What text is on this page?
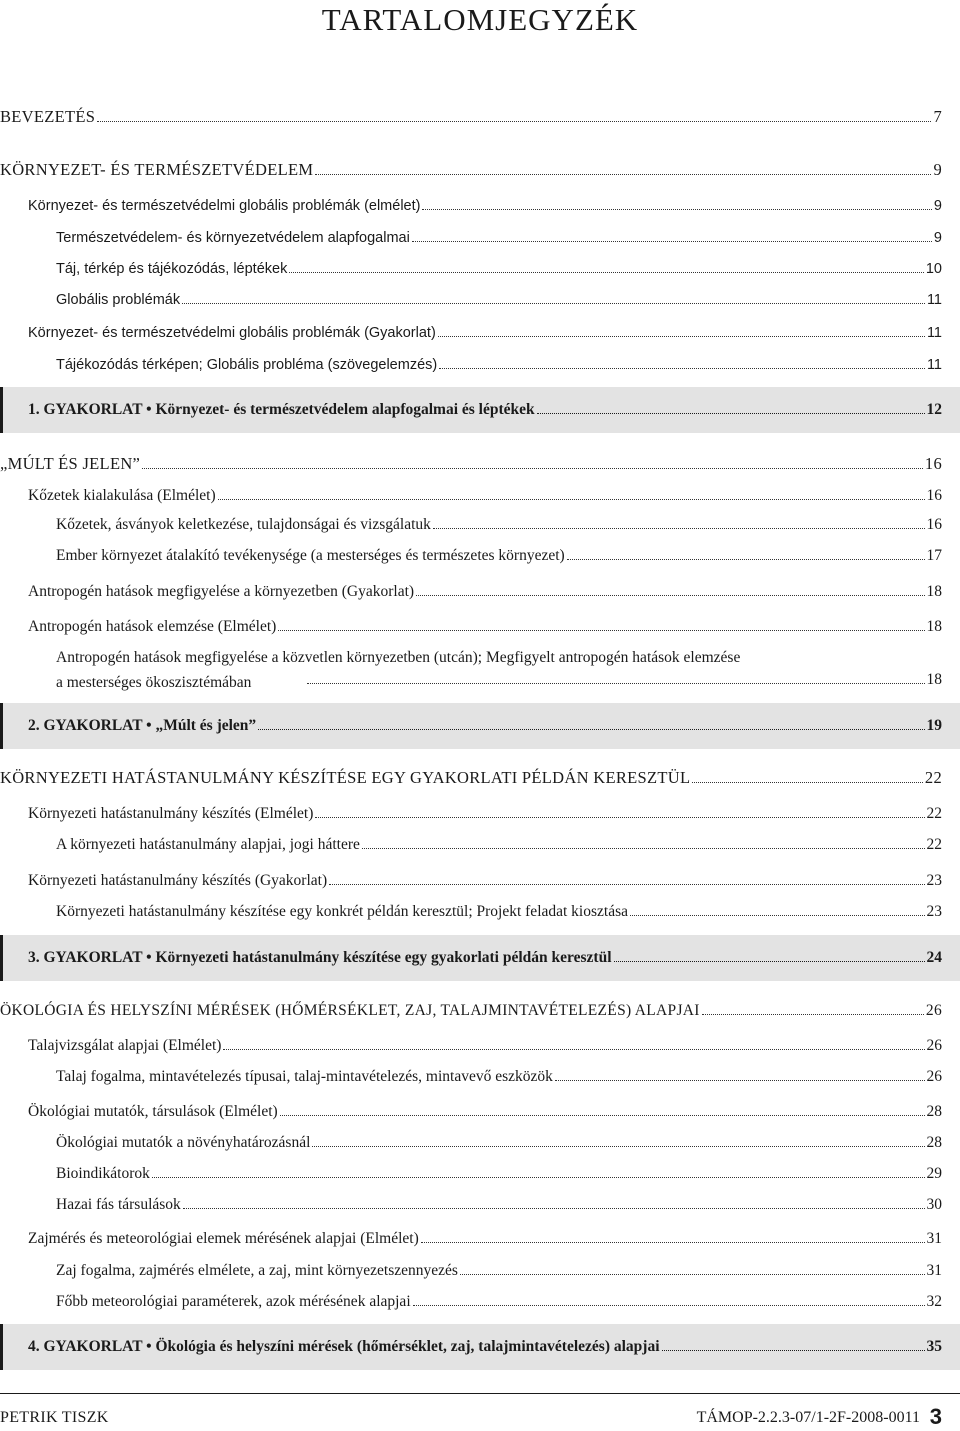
TARTALOMJEGYZÉK
BEVEZETÉS	7
KÖRNYEZET- ÉS TERMÉSZETVÉDELEM	9
Környezet- és természetvédelmi globális problémák (elmélet)	9
Természetvédelem- és környezetvédelem alapfogalmai	9
Táj, térkép és tájékozódás, léptékek	10
Globális problémák	11
Környezet- és természetvédelmi globális problémák (Gyakorlat)	11
Tájékozódás térképen; Globális probléma (szövegelemzés)	11
1. GYAKORLAT • Környezet- és természetvédelem alapfogalmai és léptékek	12
„MÚLT ÉS JELEN”	16
Kőzetek kialakulása (Elmélet)	16
Kőzetek, ásványok keletkezése, tulajdonságai és vizsgálatuk	16
Ember környezet átalakító tevékenysége (a mesterséges és természetes környezet)	17
Antropogén hatások megfigyelése a környezetben (Gyakorlat)	18
Antropogén hatások elemzése (Elmélet)	18
Antropogén hatások megfigyelése a közvetlen környezetben (utcán); Megfigyelt antropogén hatások elemzése
a mesterséges ökoszisztémában	18
2. GYAKORLAT • „Múlt és jelen”	19
KÖRNYEZETI HATÁSTANULMÁNY KÉSZÍTÉSE EGY GYAKORLATI PÉLDÁN KERESZTÜL	22
Környezeti hatástanulmány készítés (Elmélet)	22
A környezeti hatástanulmány alapjai, jogi háttere	22
Környezeti hatástanulmány készítés (Gyakorlat)	23
Környezeti hatástanulmány készítése egy konkrét példán keresztül; Projekt feladat kiosztása	23
3. GYAKORLAT • Környezeti hatástanulmány készítése egy gyakorlati példán keresztül	24
ÖKOLÓGIA ÉS HELYSZÍNI MÉRÉSEK (HŐMÉRSÉKLET, ZAJ, TALAJMINTAVÉTELEZÉS) ALAPJAI	26
Talajvizsgálat alapjai (Elmélet)	26
Talaj fogalma, mintavételezés típusai, talaj-mintavételezés, mintavevő eszközök	26
Ökológiai mutatók, társulások (Elmélet)	28
Ökológiai mutatók a növényhatározásnál	28
Bioindikátorok	29
Hazai fás társulások	30
Zajmérés és meteorológiai elemek mérésének alapjai (Elmélet)	31
Zaj fogalma, zajmérés elmélete, a zaj, mint környezetszennyezés	31
Főbb meteorológiai paraméterek, azok mérésének alapjai	32
4. GYAKORLAT • Ökológia és helyszíni mérések (hőmérséklet, zaj, talajmintavételezés) alapjai	35
PETRIK TISZK	TÁMOP-2.2.3-07/1-2F-2008-0011 3
